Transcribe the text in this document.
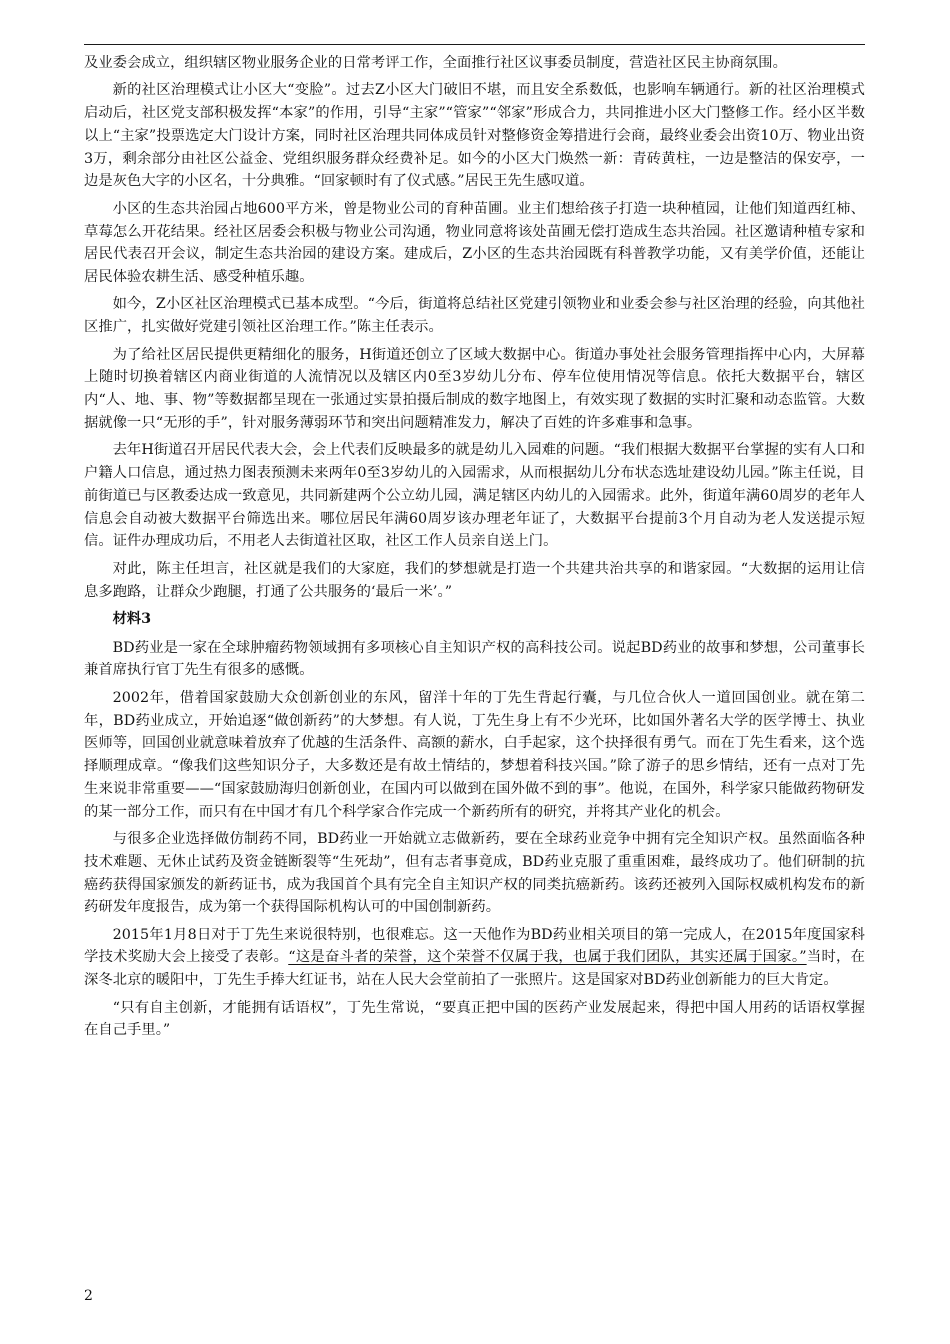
及业委会成立，组织辖区物业服务企业的日常考评工作，全面推行社区议事委员制度，营造社区民主协商氛围。

新的社区治理模式让小区大“变脸”。过去Z小区大门破旧不堪，而且安全系数低，也影响车辆通行。新的社区治理模式启动后，社区党支部积极发挥“本家”的作用，引导“主家”“管家”“邻家”形成合力，共同推进小区大门整修工作。经小区半数以上“主家”投票选定大门设计方案，同时社区治理共同体成员针对整修资金筹措进行会商，最终业委会出资10万、物业出资3万，剩余部分由社区公益金、党组织服务群众经费补足。如今的小区大门焕然一新：青砖黄柱，一边是整洁的保安亭，一边是灰色大字的小区名，十分典雅。“回家顿时有了仪式感。”居民王先生感叹道。

小区的生态共治园占地600平方米，曾是物业公司的育种苗圃。业主们想给孩子打造一块种植园，让他们知道西红柿、草莓怎么开花结果。经社区居委会积极与物业公司沟通，物业同意将该处苗圃无偿打造成生态共治园。社区邀请种植专家和居民代表召开会议，制定生态共治园的建设方案。建成后，Z小区的生态共治园既有科普教学功能，又有美学价值，还能让居民体验农耕生活、感受种植乐趣。

如今，Z小区社区治理模式已基本成型。“今后，街道将总结社区党建引领物业和业委会参与社区治理的经验，向其他社区推广，扎实做好党建引领社区治理工作。”陈主任表示。

为了给社区居民提供更精细化的服务，H街道还创立了区域大数据中心。街道办事处社会服务管理指挥中心内，大屏幕上随时切换着辖区内商业街道的人流情况以及辖区内0至3岁幼儿分布、停车位使用情况等信息。依托大数据平台，辖区内“人、地、事、物”等数据都呈现在一张通过实景拍摄后制成的数字地图上，有效实现了数据的实时汇聚和动态监管。大数据就像一只“无形的手”，针对服务薄弱环节和突出问题精准发力，解决了百姓的许多难事和急事。

去年H街道召开居民代表大会，会上代表们反映最多的就是幼儿入园难的问题。“我们根据大数据平台掌握的实有人口和户籍人口信息，通过热力图表预测未来两年0至3岁幼儿的入园需求，从而根据幼儿分布状态选址建设幼儿园。”陈主任说，目前街道已与区教委达成一致意见，共同新建两个公立幼儿园，满足辖区内幼儿的入园需求。此外，街道年满60周岁的老年人信息会自动被大数据平台筛选出来。哪位居民年满60周岁该办理老年证了，大数据平台提前3个月自动为老人发送提示短信。证件办理成功后，不用老人去街道社区取，社区工作人员亲自送上门。

对此，陈主任坦言，社区就是我们的大家庭，我们的梦想就是打造一个共建共治共享的和谐家园。“大数据的运用让信息多跑路，让群众少跑腿，打通了公共服务的‘最后一米’。”

材料3

BD药业是一家在全球肿瘤药物领域拥有多项核心自主知识产权的高科技公司。说起BD药业的故事和梦想，公司董事长兼首席执行官丁先生有很多的感慨。

2002年，借着国家鼓励大众创新创业的东风，留洋十年的丁先生背起行囊，与几位合伙人一道回国创业。就在第二年，BD药业成立，开始追逐“做创新药”的大梦想。有人说，丁先生身上有不少光环，比如国外著名大学的医学博士、执业医师等，回国创业就意味着放弃了优越的生活条件、高额的薪水，白手起家，这个抉择很有勇气。而在丁先生看来，这个选择顺理成章。“像我们这些知识分子，大多数还是有故土情结的，梦想着科技兴国。”除了游子的思乡情结，还有一点对丁先生来说非常重要——“国家鼓励海归创新创业，在国内可以做到在国外做不到的事”。他说，在国外，科学家只能做药物研发的某一部分工作，而只有在中国才有几个科学家合作完成一个新药所有的研究，并将其产业化的机会。

与很多企业选择做仿制药不同，BD药业一开始就立志做新药，要在全球药业竞争中拥有完全知识产权。虽然面临各种技术难题、无休止试药及资金链断裂等“生死劫”，但有志者事竟成，BD药业克服了重重困难，最终成功了。他们研制的抗癌药获得国家颁发的新药证书，成为我国首个具有完全自主知识产权的同类抗癌新药。该药还被列入国际权威机构发布的新药研发年度报告，成为第一个获得国际机构认可的中国创制新药。

2015年1月8日对于丁先生来说很特别，也很难忘。这一天他作为BD药业相关项目的第一完成人，在2015年度国家科学技术奖励大会上接受了表彰。“这是奋斗者的荣誉，这个荣誉不仅属于我，也属于我们团队，其实还属于国家。”当时，在深冬北京的暖阳中，丁先生手捧大红证书，站在人民大会堂前拍了一张照片。这是国家对BD药业创新能力的巨大肯定。

“只有自主创新，才能拥有话语权”，丁先生常说，“要真正把中国的医药产业发展起来，得把中国人用药的话语权掌握在自己手里。”

2
